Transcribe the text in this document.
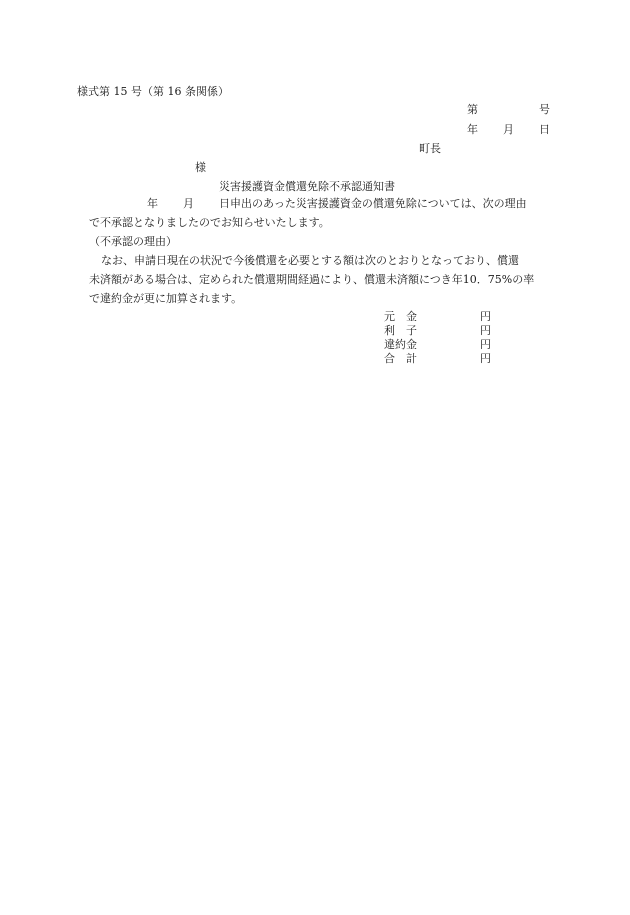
様式第 15 号（第 16 条関係）
第	号
年 月 日
町長
様
災害援護資金償還免除不承認通知書
年 月 日申出のあった災害援護資金の償還免除については、次の理由
で不承認となりましたのでお知らせいたします。
（不承認の理由）
なお、申請日現在の状況で今後償還を必要とする額は次のとおりとなっており、償還
未済額がある場合は、定められた償還期間経過により、償還未済額につき年10．75%の率
で違約金が更に加算されます。
元　金	円
利　子	円
違約金	円
合　計	円
